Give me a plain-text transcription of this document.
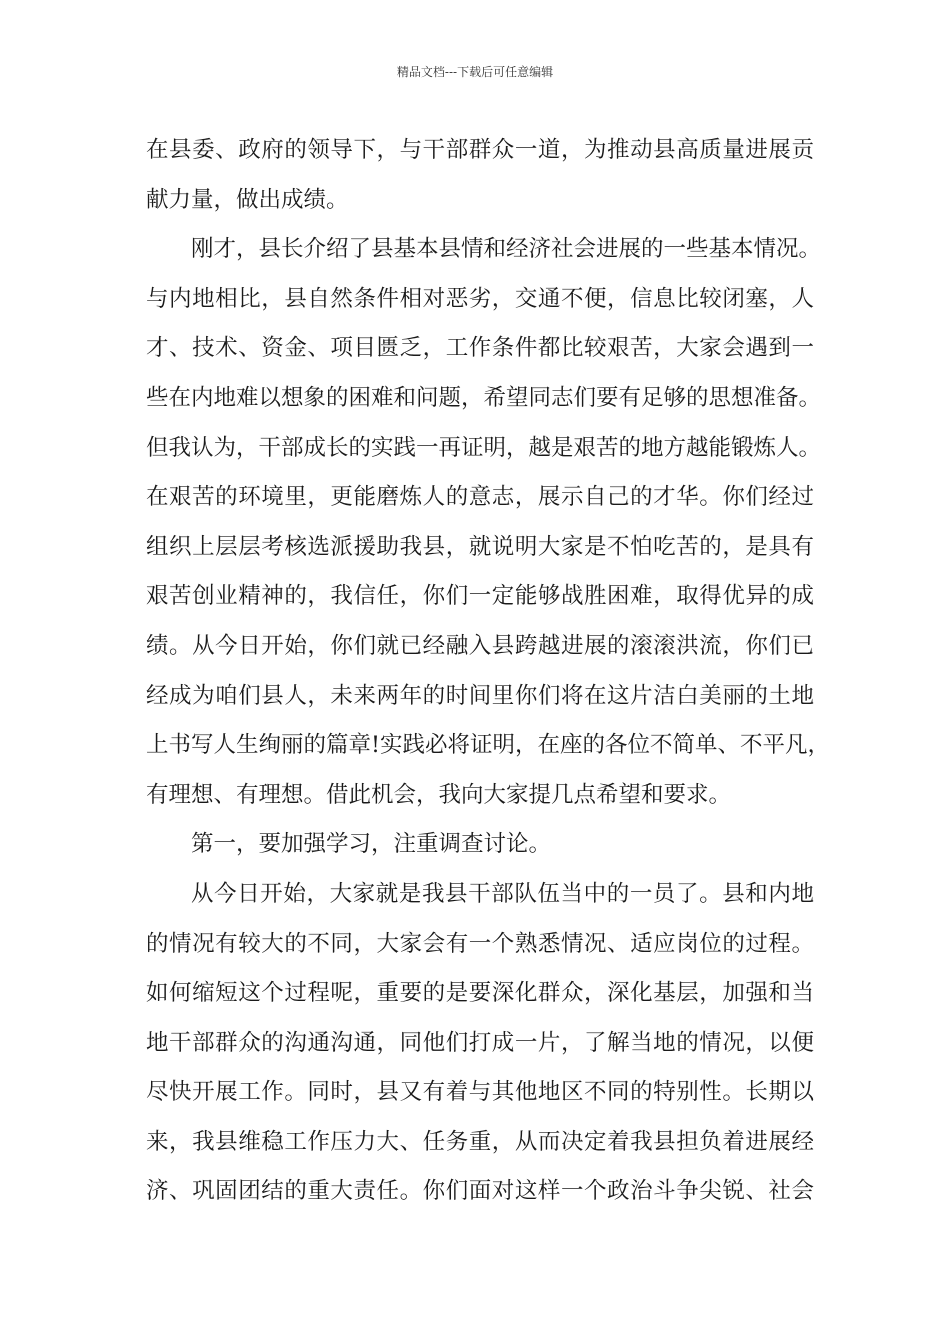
精品文档---下载后可任意编辑
在县委、政府的领导下，与干部群众一道，为推动县高质量进展贡
献力量，做出成绩。
刚才，县长介绍了县基本县情和经济社会进展的一些基本情况。
与内地相比，县自然条件相对恶劣，交通不便，信息比较闭塞，人
才、技术、资金、项目匮乏，工作条件都比较艰苦，大家会遇到一
些在内地难以想象的困难和问题，希望同志们要有足够的思想准备。
但我认为，干部成长的实践一再证明，越是艰苦的地方越能锻炼人。
在艰苦的环境里，更能磨炼人的意志，展示自己的才华。你们经过
组织上层层考核选派援助我县，就说明大家是不怕吃苦的，是具有
艰苦创业精神的，我信任，你们一定能够战胜困难，取得优异的成
绩。从今日开始，你们就已经融入县跨越进展的滚滚洪流，你们已
经成为咱们县人，未来两年的时间里你们将在这片洁白美丽的土地
上书写人生绚丽的篇章!实践必将证明，在座的各位不简单、不平凡，
有理想、有理想。借此机会，我向大家提几点希望和要求。
第一，要加强学习，注重调查讨论。
从今日开始，大家就是我县干部队伍当中的一员了。县和内地
的情况有较大的不同，大家会有一个熟悉情况、适应岗位的过程。
如何缩短这个过程呢，重要的是要深化群众，深化基层，加强和当
地干部群众的沟通沟通，同他们打成一片，了解当地的情况，以便
尽快开展工作。同时，县又有着与其他地区不同的特别性。长期以
来，我县维稳工作压力大、任务重，从而决定着我县担负着进展经
济、巩固团结的重大责任。你们面对这样一个政治斗争尖锐、社会
